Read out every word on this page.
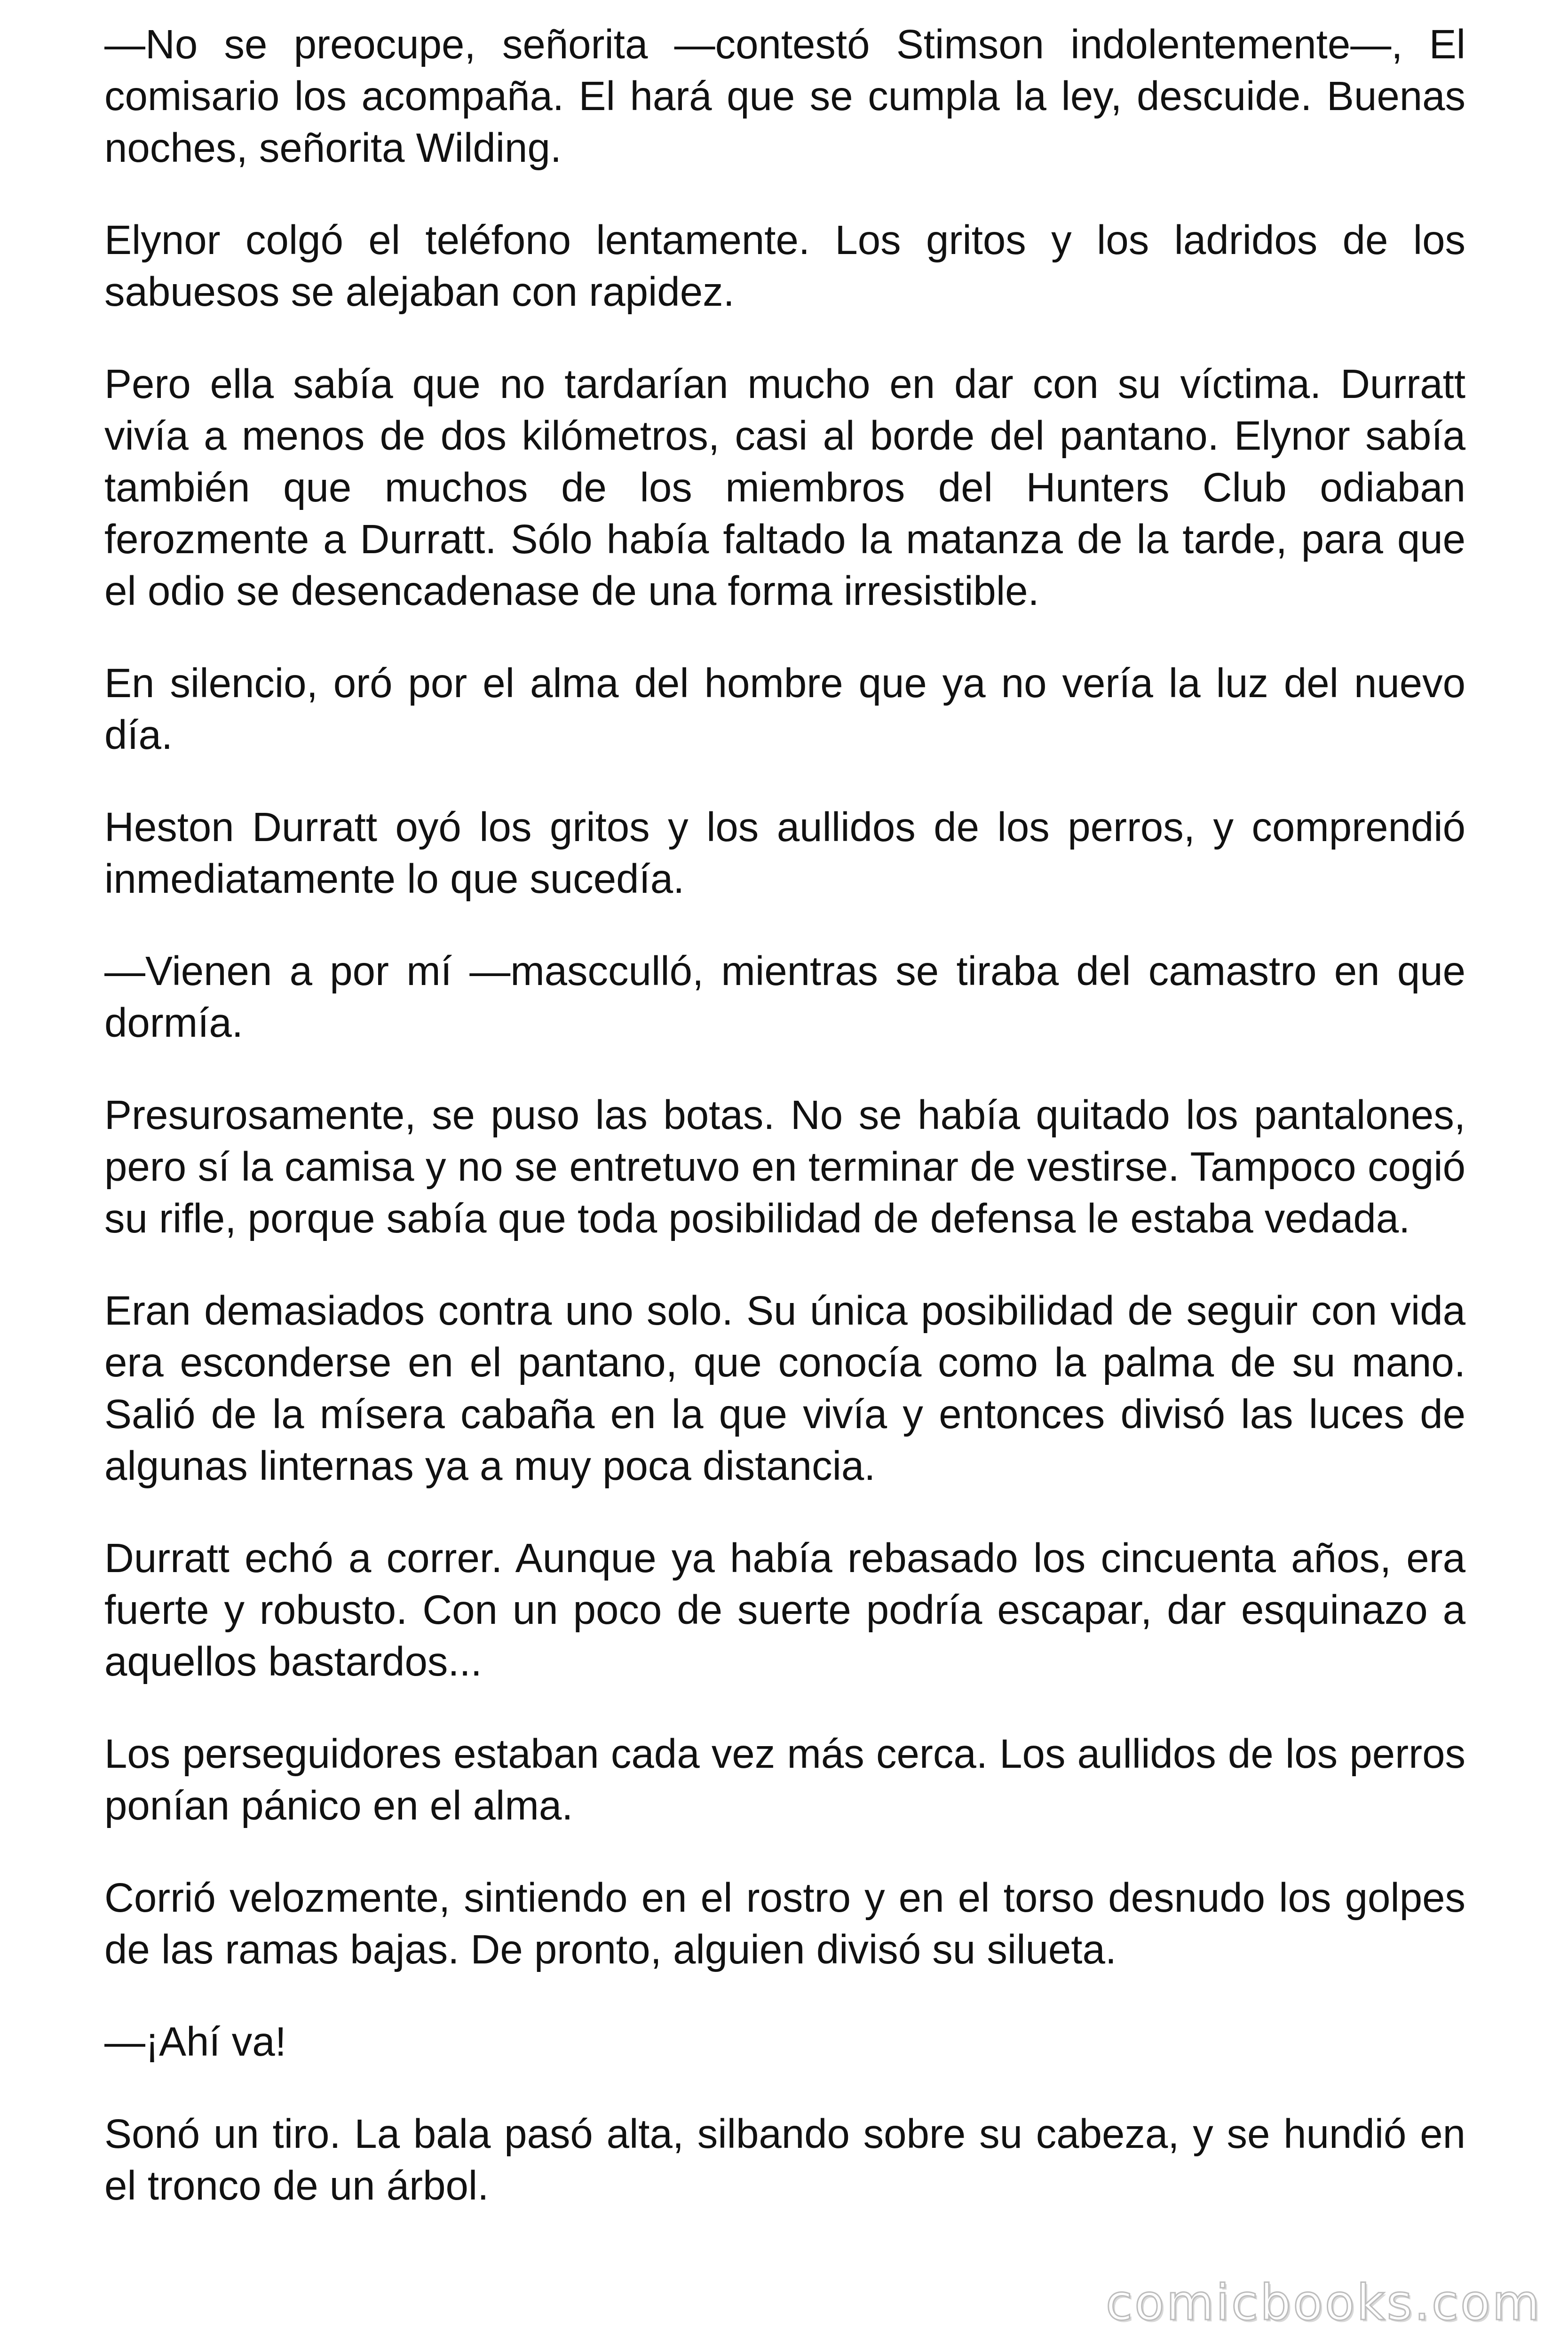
—No se preocupe, señorita —contestó Stimson indolentemente—, El comisario los acompaña. El hará que se cumpla la ley, descuide. Buenas noches, señorita Wilding.

Elynor colgó el teléfono lentamente. Los gritos y los ladridos de los sabuesos se alejaban con rapidez.

Pero ella sabía que no tardarían mucho en dar con su víctima. Durratt vivía a menos de dos kilómetros, casi al borde del pantano. Elynor sabía también que muchos de los miembros del Hunters Club odiaban ferozmente a Durratt. Sólo había faltado la matanza de la tarde, para que el odio se desencadenase de una forma irresistible.

En silencio, oró por el alma del hombre que ya no vería la luz del nuevo día.

Heston Durratt oyó los gritos y los aullidos de los perros, y comprendió inmediatamente lo que sucedía.

—Vienen a por mí —mascculló, mientras se tiraba del camastro en que dormía.

Presurosamente, se puso las botas. No se había quitado los pantalones, pero sí la camisa y no se entretuvo en terminar de vestirse. Tampoco cogió su rifle, porque sabía que toda posibilidad de defensa le estaba vedada.

Eran demasiados contra uno solo. Su única posibilidad de seguir con vida era esconderse en el pantano, que conocía como la palma de su mano. Salió de la mísera cabaña en la que vivía y entonces divisó las luces de algunas linternas ya a muy poca distancia.

Durratt echó a correr. Aunque ya había rebasado los cincuenta años, era fuerte y robusto. Con un poco de suerte podría escapar, dar esquinazo a aquellos bastardos...

Los perseguidores estaban cada vez más cerca. Los aullidos de los perros ponían pánico en el alma.

Corrió velozmente, sintiendo en el rostro y en el torso desnudo los golpes de las ramas bajas. De pronto, alguien divisó su silueta.

—¡Ahí va!

Sonó un tiro. La bala pasó alta, silbando sobre su cabeza, y se hundió en el tronco de un árbol.

comicbooks.com
